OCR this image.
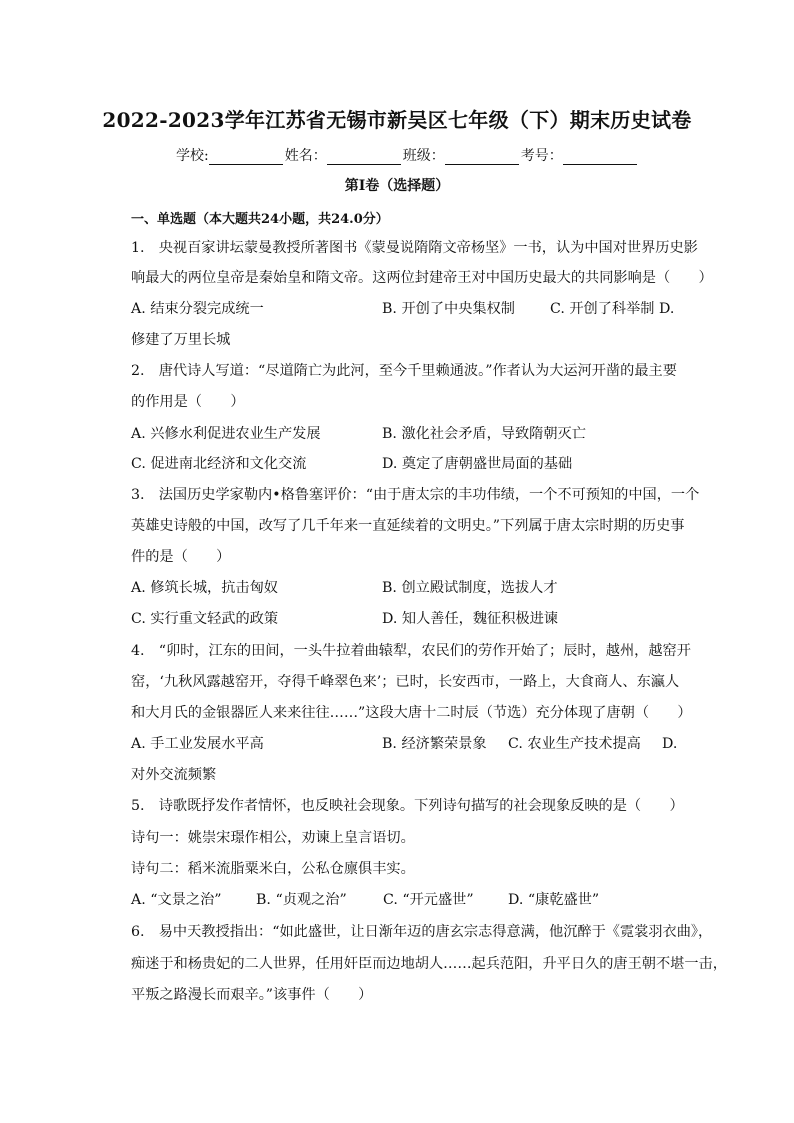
2022-2023学年江苏省无锡市新吴区七年级（下）期末历史试卷
学校:	姓名：	班级：	考号：
第I卷（选择题）
一、单选题（本大题共24小题，共24.0分）
1.　央视百家讲坛蒙曼教授所著图书《蒙曼说隋隋文帝杨坚》一书，认为中国对世界历史影
响最大的两位皇帝是秦始皇和隋文帝。这两位封建帝王对中国历史最大的共同影响是（　　）
A. 结束分裂完成统一	B. 开创了中央集权制 C. 开创了科举制 D.
修建了万里长城
2.　唐代诗人写道：“尽道隋亡为此河，至今千里赖通波。”作者认为大运河开凿的最主要
的作用是（　　）
A. 兴修水利促进农业生产发展	B. 激化社会矛盾，导致隋朝灭亡
C. 促进南北经济和文化交流	D. 奠定了唐朝盛世局面的基础
3.　法国历史学家勒内•格鲁塞评价：“由于唐太宗的丰功伟绩，一个不可预知的中国，一个
英雄史诗般的中国，改写了几千年来一直延续着的文明史。”下列属于唐太宗时期的历史事
件的是（　　）
A. 修筑长城，抗击匈奴	B. 创立殿试制度，选拔人才
C. 实行重文轻武的政策	D. 知人善任，魏征积极进谏
4.　“卯时，江东的田间，一头牛拉着曲辕犁，农民们的劳作开始了；辰时，越州，越窑开
窑，‘九秋风露越窑开，夺得千峰翠色来’；已时，长安西市，一路上，大食商人、东瀛人
和大月氏的金银器匠人来来往往……”这段大唐十二时辰（节选）充分体现了唐朝（　　）
A. 手工业发展水平高	B. 经济繁荣景象 C. 农业生产技术提高 D.
对外交流频繁
5.　诗歌既抒发作者情怀，也反映社会现象。下列诗句描写的社会现象反映的是（　　）
诗句一：姚崇宋璟作相公，劝谏上皇言语切。
诗句二：稻米流脂粟米白，公私仓廪俱丰实。
A. “文景之治” B. “贞观之治”	C. “开元盛世” D. “康乾盛世”
6.　易中天教授指出：“如此盛世，让日渐年迈的唐玄宗志得意满，他沉醉于《霓裳羽衣曲》，
痴迷于和杨贵妃的二人世界，任用奸臣而边地胡人……起兵范阳，升平日久的唐王朝不堪一击，
平叛之路漫长而艰辛。”该事件（　　）
